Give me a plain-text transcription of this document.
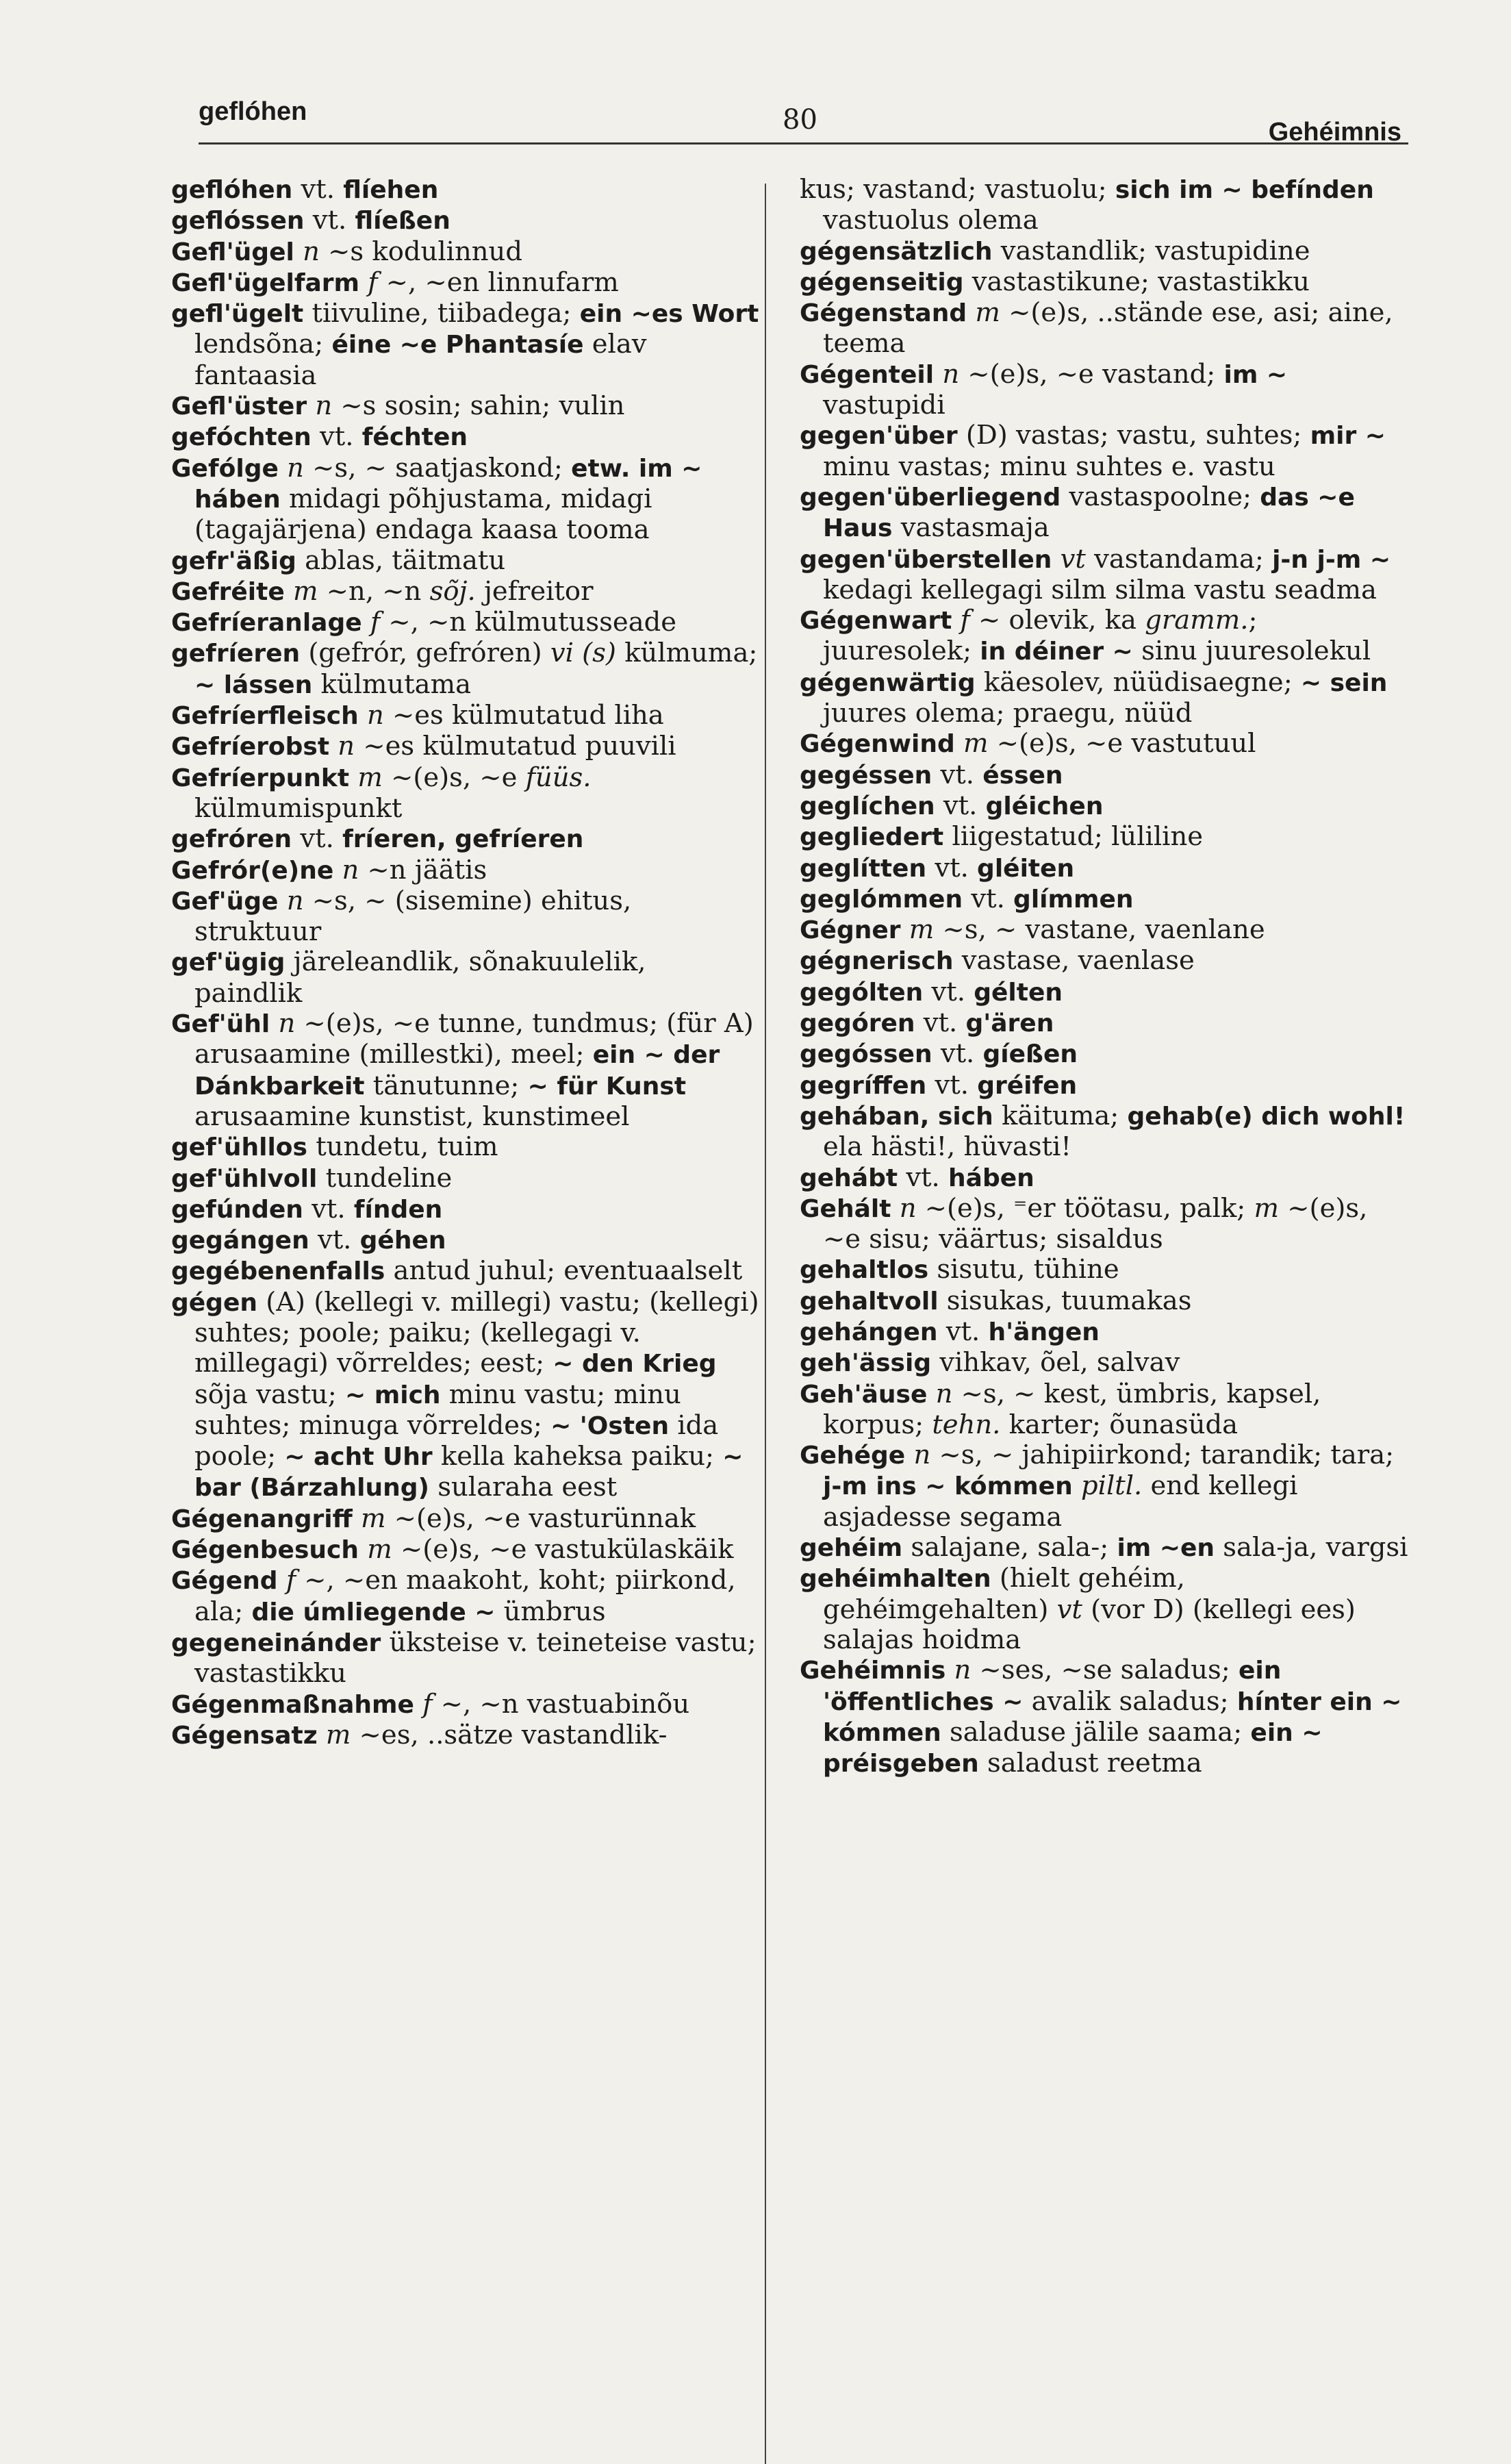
geflóhen	80	Gehéimnis

geflóhen vt. flíehen

geflóssen vt. flíeßen

Gefl'ügel n ~s kodulinnud

Gefl'ügelfarm f ~, ~en linnufarm

gefl'ügelt tiivuline, tiibadega; ein ~es Wort lendsõna; éine ~e Phantasíe elav fantaasia

Gefl'üster n ~s sosin; sahin; vulin

gefóchten vt. féchten

Gefólge n ~s, ~ saatjaskond; etw. im ~ háben midagi põhjustama, midagi (tagajärjena) endaga kaasa tooma

gefr'äßig ablas, täitmatu

Gefréite m ~n, ~n sõj. jefreitor

Gefríeranlage f ~, ~n külmutusseade

gefríeren (gefrór, gefróren) vi (s) külmuma; ~ lássen külmutama

Gefríerfleisch n ~es külmutatud liha

Gefríerobst n ~es külmutatud puuvili

Gefríerpunkt m ~(e)s, ~e füüs. külmumispunkt

gefróren vt. fríeren, gefríeren

Gefrór(e)ne n ~n jäätis

Gef'üge n ~s, ~ (sisemine) ehitus, struktuur

gef'ügig järeleandlik, sõnakuulelik, paindlik

Gef'ühl n ~(e)s, ~e tunne, tundmus; (für A) arusaamine (millestki), meel; ein ~ der Dánkbarkeit tänutunne; ~ für Kunst arusaamine kunstist, kunstimeel

gef'ühllos tundetu, tuim

gef'ühlvoll tundeline

gefúnden vt. fínden

gegángen vt. géhen

gegébenenfalls antud juhul; eventuaalselt

gégen (A) (kellegi v. millegi) vastu; (kellegi) suhtes; poole; paiku; (kellegagi v. millegagi) võrreldes; eest; ~ den Krieg sõja vastu; ~ mich minu vastu; minu suhtes; minuga võrreldes; ~ 'Osten ida poole; ~ acht Uhr kella kaheksa paiku; ~ bar (Bárzahlung) sularaha eest

Gégenangriff m ~(e)s, ~e vasturünnak

Gégenbesuch m ~(e)s, ~e vastukülaskäik

Gégend f ~, ~en maakoht, koht; piirkond, ala; die úmliegende ~ ümbrus

gegeneinánder üksteise v. teineteise vastu; vastastikku

Gégenmaßnahme f ~, ~n vastuabinõu

Gégensatz m ~es, ..sätze vastandlik-

kus; vastand; vastuolu; sich im ~ befínden vastuolus olema

gégensätzlich vastandlik; vastupidine

gégenseitig vastastikune; vastastikku

Gégenstand m ~(e)s, ..stände ese, asi; aine, teema

Gégenteil n ~(e)s, ~e vastand; im ~ vastupidi

gegen'über (D) vastas; vastu, suhtes; mir ~ minu vastas; minu suhtes e. vastu

gegen'überliegend vastaspoolne; das ~e Haus vastasmaja

gegen'überstellen vt vastandama; j-n j-m ~ kedagi kellegagi silm silma vastu seadma

Gégenwart f ~ olevik, ka gramm.; juuresolek; in déiner ~ sinu juuresolekul

gégenwärtig käesolev, nüüdisaegne; ~ sein juures olema; praegu, nüüd

Gégenwind m ~(e)s, ~e vastutuul

gegéssen vt. éssen

geglíchen vt. gléichen

gegliedert liigestatud; lüliline

geglítten vt. gléiten

geglómmen vt. glímmen

Gégner m ~s, ~ vastane, vaenlane

gégnerisch vastase, vaenlase

gególten vt. gélten

gegóren vt. g'ären

gegóssen vt. gíeßen

gegríffen vt. gréifen

gehában, sich käituma; gehab(e) dich wohl! ela hästi!, hüvasti!

gehábt vt. háben

Gehált n ~(e)s, ⁼er töötasu, palk; m ~(e)s, ~e sisu; väärtus; sisaldus

gehaltlos sisutu, tühine

gehaltvoll sisukas, tuumakas

gehángen vt. h'ängen

geh'ässig vihkav, õel, salvav

Geh'äuse n ~s, ~ kest, ümbris, kapsel, korpus; tehn. karter; õunasüda

Gehége n ~s, ~ jahipiirkond; tarandik; tara; j-m ins ~ kómmen piltl. end kellegi asjadesse segama

gehéim salajane, sala-; im ~en sala-ja, vargsi

gehéimhalten (hielt gehéim, gehéimgehalten) vt (vor D) (kellegi ees) salajas hoidma

Gehéimnis n ~ses, ~se saladus; ein 'öffentliches ~ avalik saladus; hínter ein ~ kómmen saladuse jälile saama; ein ~ préisgeben saladust reetma
